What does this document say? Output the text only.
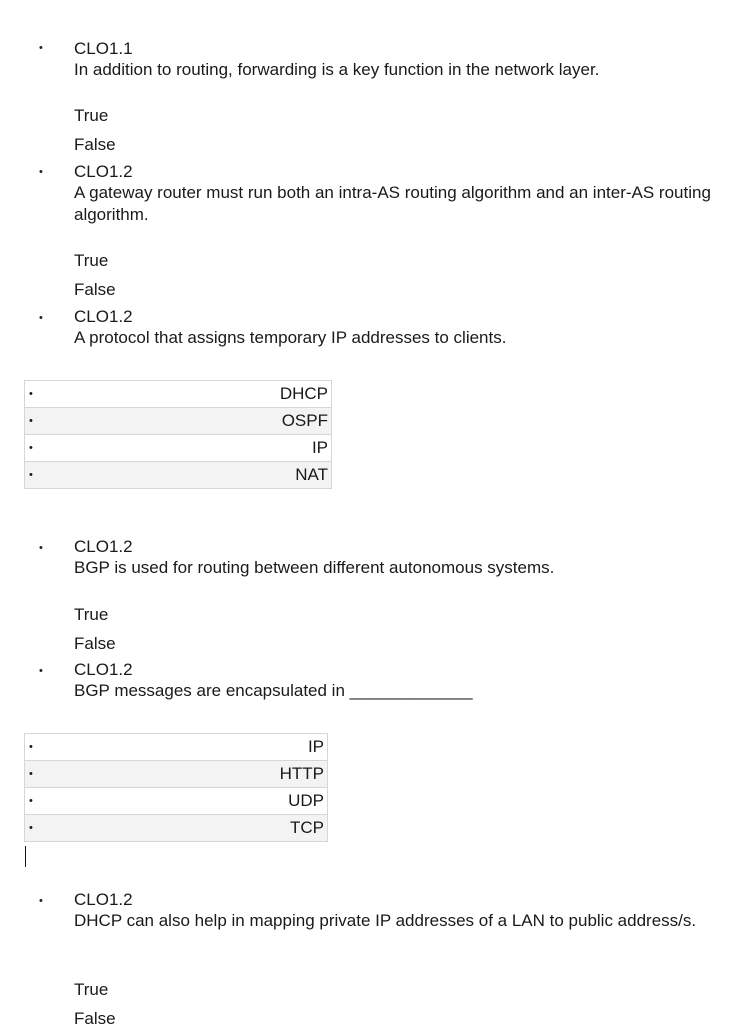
• CLO1.1
In addition to routing, forwarding is a key function in the network layer.
True
False
• CLO1.2
A gateway router must run both an intra-AS routing algorithm and an inter-AS routing algorithm.
True
False
• CLO1.2
A protocol that assigns temporary IP addresses to clients.
•	DHCP
•	OSPF
•	IP
•	NAT
• CLO1.2
BGP is used for routing between different autonomous systems.
True
False
• CLO1.2
BGP messages are encapsulated in _____________
•	IP
•	HTTP
•	UDP
•	TCP
• CLO1.2
DHCP can also help in mapping private IP addresses of a LAN to public address/s.
True
False
